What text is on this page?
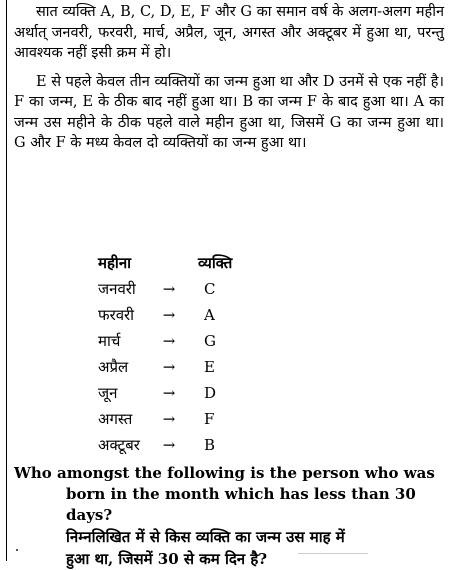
सात व्यक्ति A, B, C, D, E, F और G का समान वर्ष के अलग-अलग महीन अर्थात् जनवरी, फरवरी, मार्च, अप्रैल, जून, अगस्त और अक्टूबर में हुआ था, परन्तु आवश्यक नहीं इसी क्रम में हो।

E से पहले केवल तीन व्यक्तियों का जन्म हुआ था और D उनमें से एक नहीं है। F का जन्म, E के ठीक बाद नहीं हुआ था। B का जन्म F के बाद हुआ था। A का जन्म उस महीने के ठीक पहले वाले महीन हुआ था, जिसमें G का जन्म हुआ था। G और F के मध्य केवल दो व्यक्तियों का जन्म हुआ था।

महीना	व्यक्ति
जनवरी	→	C
फरवरी	→	A
मार्च	→	G
अप्रैल	→	E
जून	→	D
अगस्त	→	F
अक्टूबर	→	B

Who amongst the following is the person who was
born in the month which has less than 30 days?

निम्नलिखित में से किस व्यक्ति का जन्म उस माह में
हुआ था, जिसमें 30 से कम दिन है?
